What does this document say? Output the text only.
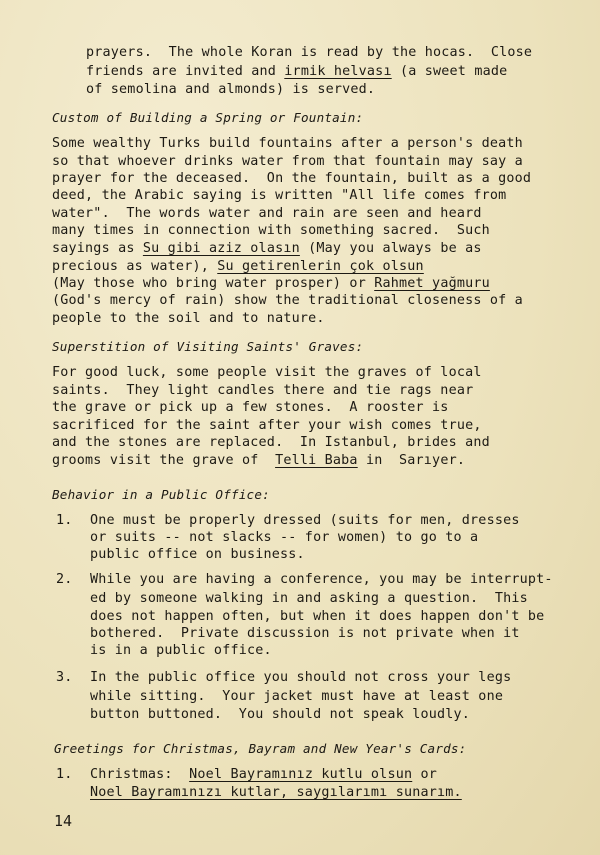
prayers.  The whole Koran is read by the hocas.  Close
friends are invited and irmik helvası (a sweet made
of semolina and almonds) is served.
Custom of Building a Spring or Fountain:
Some wealthy Turks build fountains after a person's death
so that whoever drinks water from that fountain may say a
prayer for the deceased.  On the fountain, built as a good
deed, the Arabic saying is written "All life comes from
water".  The words water and rain are seen and heard
many times in connection with something sacred.  Such
sayings as Su gibi aziz olasın (May you always be as
precious as water), Su getirenlerin çok olsun
(May those who bring water prosper) or Rahmet yağmuru
(God's mercy of rain) show the traditional closeness of a
people to the soil and to nature.
Superstition of Visiting Saints' Graves:
For good luck, some people visit the graves of local
saints.  They light candles there and tie rags near
the grave or pick up a few stones.  A rooster is
sacrificed for the saint after your wish comes true,
and the stones are replaced.  In Istanbul, brides and
grooms visit the grave of  Telli Baba in  Sarıyer.
Behavior in a Public Office:
1. One must be properly dressed (suits for men, dresses
or suits -- not slacks -- for women) to go to a
public office on business.
2. While you are having a conference, you may be interrupt-
ed by someone walking in and asking a question.  This
does not happen often, but when it does happen don't be
bothered.  Private discussion is not private when it
is in a public office.
3. In the public office you should not cross your legs
while sitting.  Your jacket must have at least one
button buttoned.  You should not speak loudly.
Greetings for Christmas, Bayram and New Year's Cards:
1. Christmas:  Noel Bayramınız kutlu olsun or
Noel Bayramınızı kutlar, saygılarımı sunarım.
14
